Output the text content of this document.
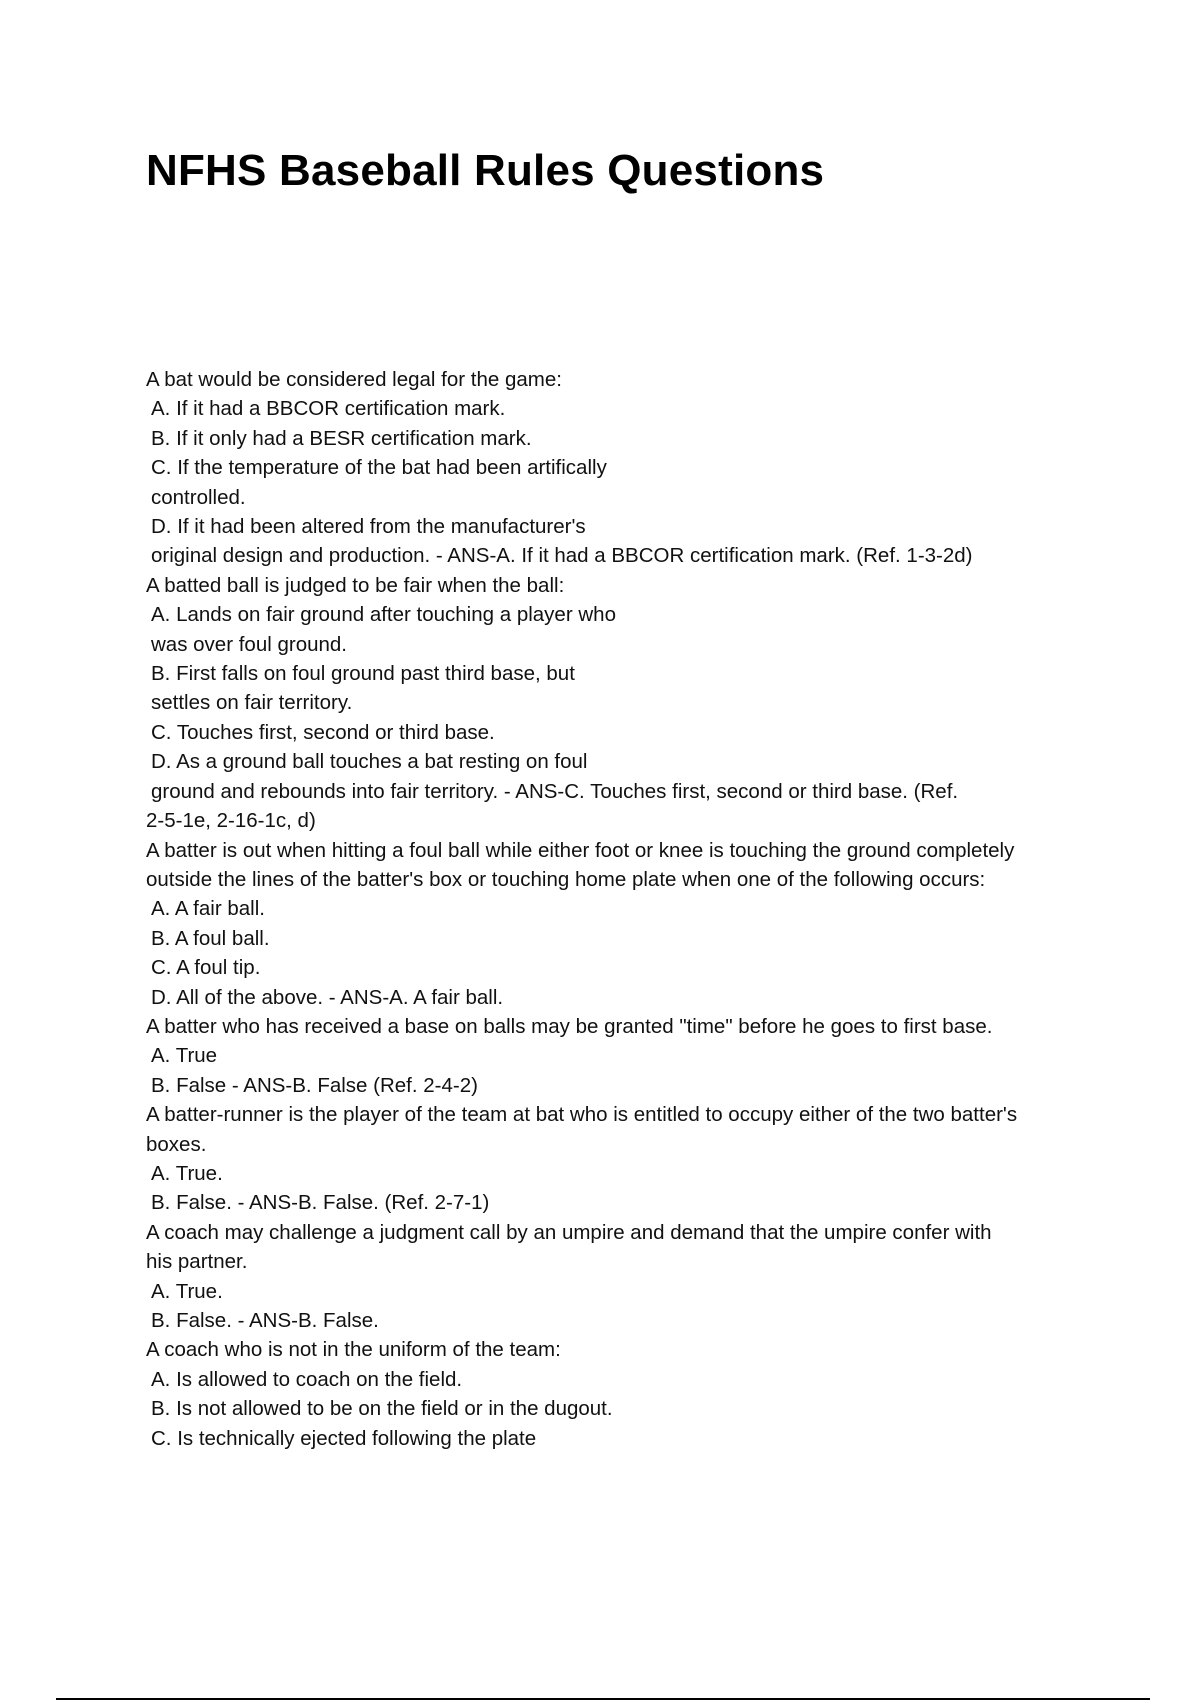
NFHS Baseball Rules Questions
A bat would be considered legal for the game:
A. If it had a BBCOR certification mark.
B. If it only had a BESR certification mark.
C. If the temperature of the bat had been artifically
controlled.
D. If it had been altered from the manufacturer's
original design and production. - ANS-A. If it had a BBCOR certification mark. (Ref. 1-3-2d)
A batted ball is judged to be fair when the ball:
A. Lands on fair ground after touching a player who
was over foul ground.
B. First falls on foul ground past third base, but
settles on fair territory.
C. Touches first, second or third base.
D. As a ground ball touches a bat resting on foul
ground and rebounds into fair territory. - ANS-C. Touches first, second or third base. (Ref.
2-5-1e, 2-16-1c, d)
A batter is out when hitting a foul ball while either foot or knee is touching the ground completely
outside the lines of the batter's box or touching home plate when one of the following occurs:
A. A fair ball.
B. A foul ball.
C. A foul tip.
D. All of the above. - ANS-A. A fair ball.
A batter who has received a base on balls may be granted "time" before he goes to first base.
A. True
B. False - ANS-B. False (Ref. 2-4-2)
A batter-runner is the player of the team at bat who is entitled to occupy either of the two batter's
boxes.
A. True.
B. False. - ANS-B. False. (Ref. 2-7-1)
A coach may challenge a judgment call by an umpire and demand that the umpire confer with
his partner.
A. True.
B. False. - ANS-B. False.
A coach who is not in the uniform of the team:
A. Is allowed to coach on the field.
B. Is not allowed to be on the field or in the dugout.
C. Is technically ejected following the plate
